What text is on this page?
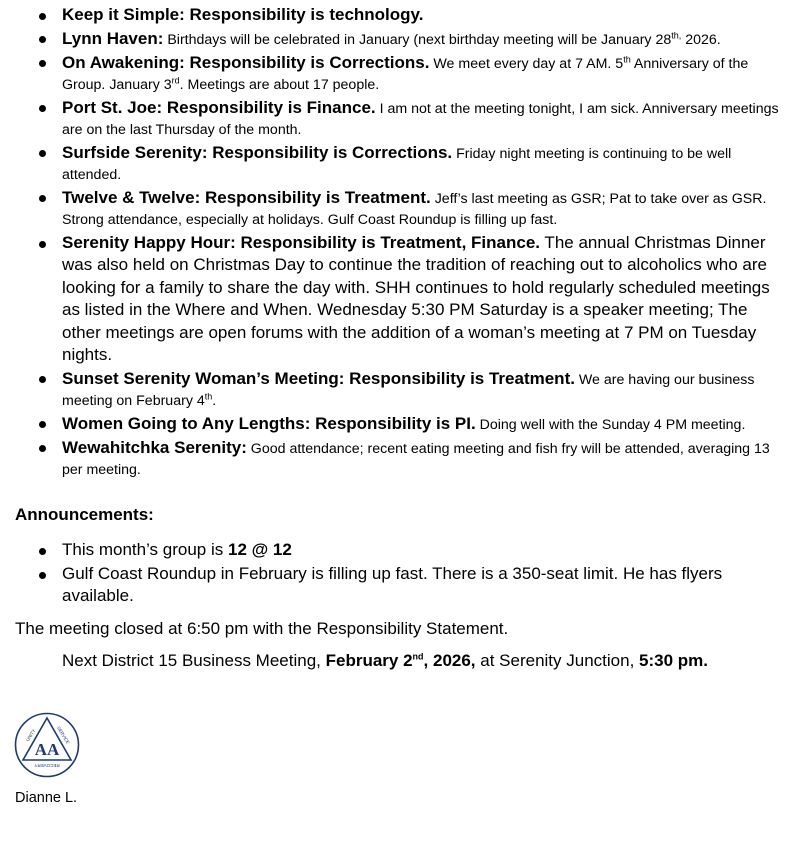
Keep it Simple: Responsibility is technology.
Lynn Haven: Birthdays will be celebrated in January (next birthday meeting will be January $28^{th,}$ 2026.
On Awakening: Responsibility is Corrections. We meet every day at 7 AM. 5th Anniversary of the Group. January 3rd. Meetings are about 17 people.
Port St. Joe: Responsibility is Finance. I am not at the meeting tonight, I am sick. Anniversary meetings are on the last Thursday of the month.
Surfside Serenity: Responsibility is Corrections. Friday night meeting is continuing to be well attended.
Twelve & Twelve: Responsibility is Treatment. Jeff’s last meeting as GSR; Pat to take over as GSR. Strong attendance, especially at holidays. Gulf Coast Roundup is filling up fast.
Serenity Happy Hour: Responsibility is Treatment, Finance. The annual Christmas Dinner was also held on Christmas Day to continue the tradition of reaching out to alcoholics who are looking for a family to share the day with. SHH continues to hold regularly scheduled meetings as listed in the Where and When. Wednesday 5:30 PM Saturday is a speaker meeting; The other meetings are open forums with the addition of a woman’s meeting at 7 PM on Tuesday nights.
Sunset Serenity Woman’s Meeting: Responsibility is Treatment. We are having our business meeting on February 4th.
Women Going to Any Lengths: Responsibility is PI. Doing well with the Sunday 4 PM meeting.
Wewahitchka Serenity: Good attendance; recent eating meeting and fish fry will be attended, averaging 13 per meeting.
Announcements:
This month’s group is 12 @ 12
Gulf Coast Roundup in February is filling up fast. There is a 350-seat limit. He has flyers available.
The meeting closed at 6:50 pm with the Responsibility Statement.
Next District 15 Business Meeting, February 2nd, 2026, at Serenity Junction, 5:30 pm.
AA
UNITY	SERVICE
RECOVERY
Dianne L.
